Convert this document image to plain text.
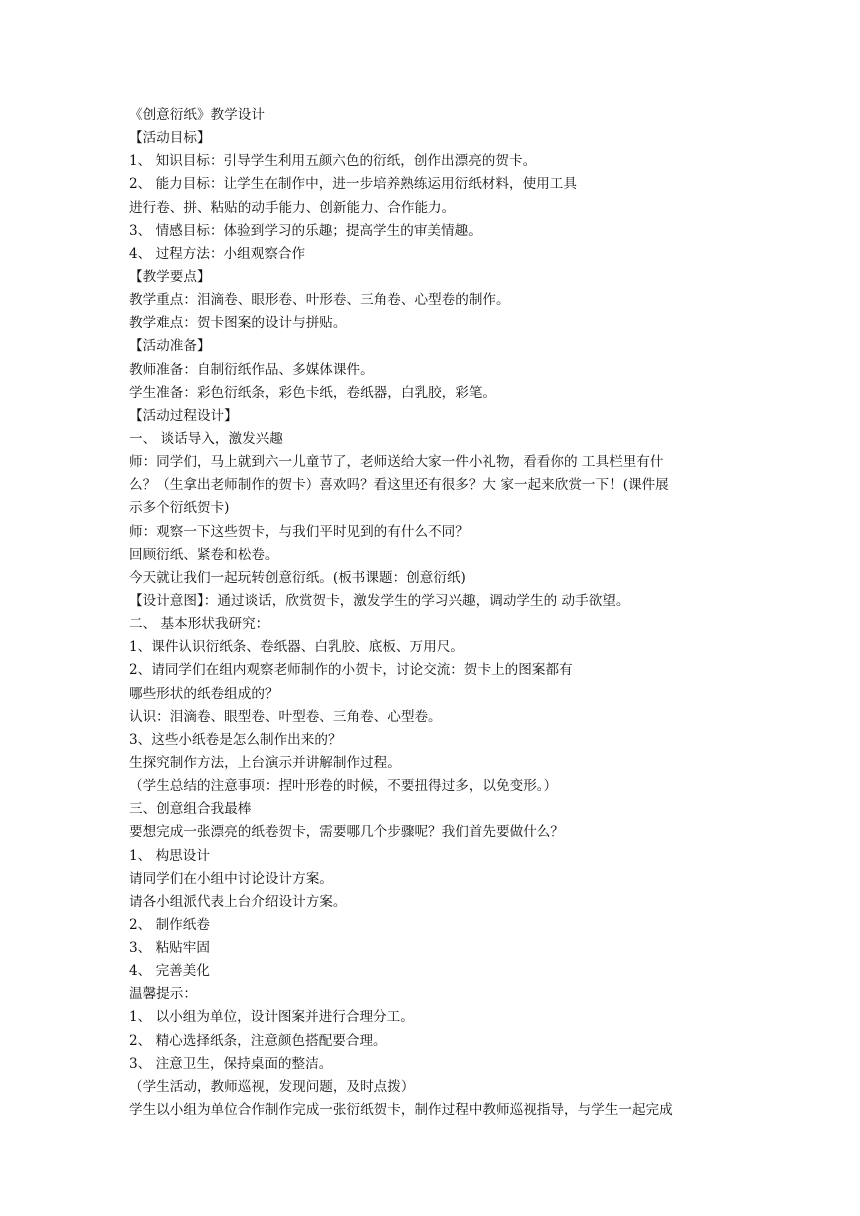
《创意衍纸》教学设计
【活动目标】
1、 知识目标：引导学生利用五颜六色的衍纸，创作出漂亮的贺卡。
2、 能力目标：让学生在制作中，进一步培养熟练运用衍纸材料，使用工具
进行卷、拼、粘贴的动手能力、创新能力、合作能力。
3、 情感目标：体验到学习的乐趣；提高学生的审美情趣。
4、 过程方法：小组观察合作
【教学要点】
教学重点：泪滴卷、眼形卷、叶形卷、三角卷、心型卷的制作。
教学难点：贺卡图案的设计与拼贴。
【活动准备】
教师准备：自制衍纸作品、多媒体课件。
学生准备：彩色衍纸条，彩色卡纸，卷纸器，白乳胶，彩笔。
【活动过程设计】
一、 谈话导入，激发兴趣
师：同学们，马上就到六一儿童节了，老师送给大家一件小礼物，看看你的 工具栏里有什
么？（生拿出老师制作的贺卡）喜欢吗？看这里还有很多？大 家一起来欣赏一下！(课件展
示多个衍纸贺卡)
师：观察一下这些贺卡，与我们平时见到的有什么不同？
回顾衍纸、紧卷和松卷。
今天就让我们一起玩转创意衍纸。(板书课题：创意衍纸)
【设计意图】：通过谈话，欣赏贺卡，激发学生的学习兴趣，调动学生的 动手欲望。
二、 基本形状我研究：
1、课件认识衍纸条、卷纸器、白乳胶、底板、万用尺。
2、请同学们在组内观察老师制作的小贺卡，讨论交流：贺卡上的图案都有
哪些形状的纸卷组成的？
认识：泪滴卷、眼型卷、叶型卷、三角卷、心型卷。
3、这些小纸卷是怎么制作出来的？
生探究制作方法，上台演示并讲解制作过程。
（学生总结的注意事项：捏叶形卷的时候，不要扭得过多，以免变形。）
三、创意组合我最棒
要想完成一张漂亮的纸卷贺卡，需要哪几个步骤呢？我们首先要做什么？
1、 构思设计
请同学们在小组中讨论设计方案。
请各小组派代表上台介绍设计方案。
2、 制作纸卷
3、 粘贴牢固
4、 完善美化
温馨提示：
1、 以小组为单位，设计图案并进行合理分工。
2、 精心选择纸条，注意颜色搭配要合理。
3、 注意卫生，保持桌面的整洁。
（学生活动，教师巡视，发现问题，及时点拨）
学生以小组为单位合作制作完成一张衍纸贺卡，制作过程中教师巡视指导，与学生一起完成
